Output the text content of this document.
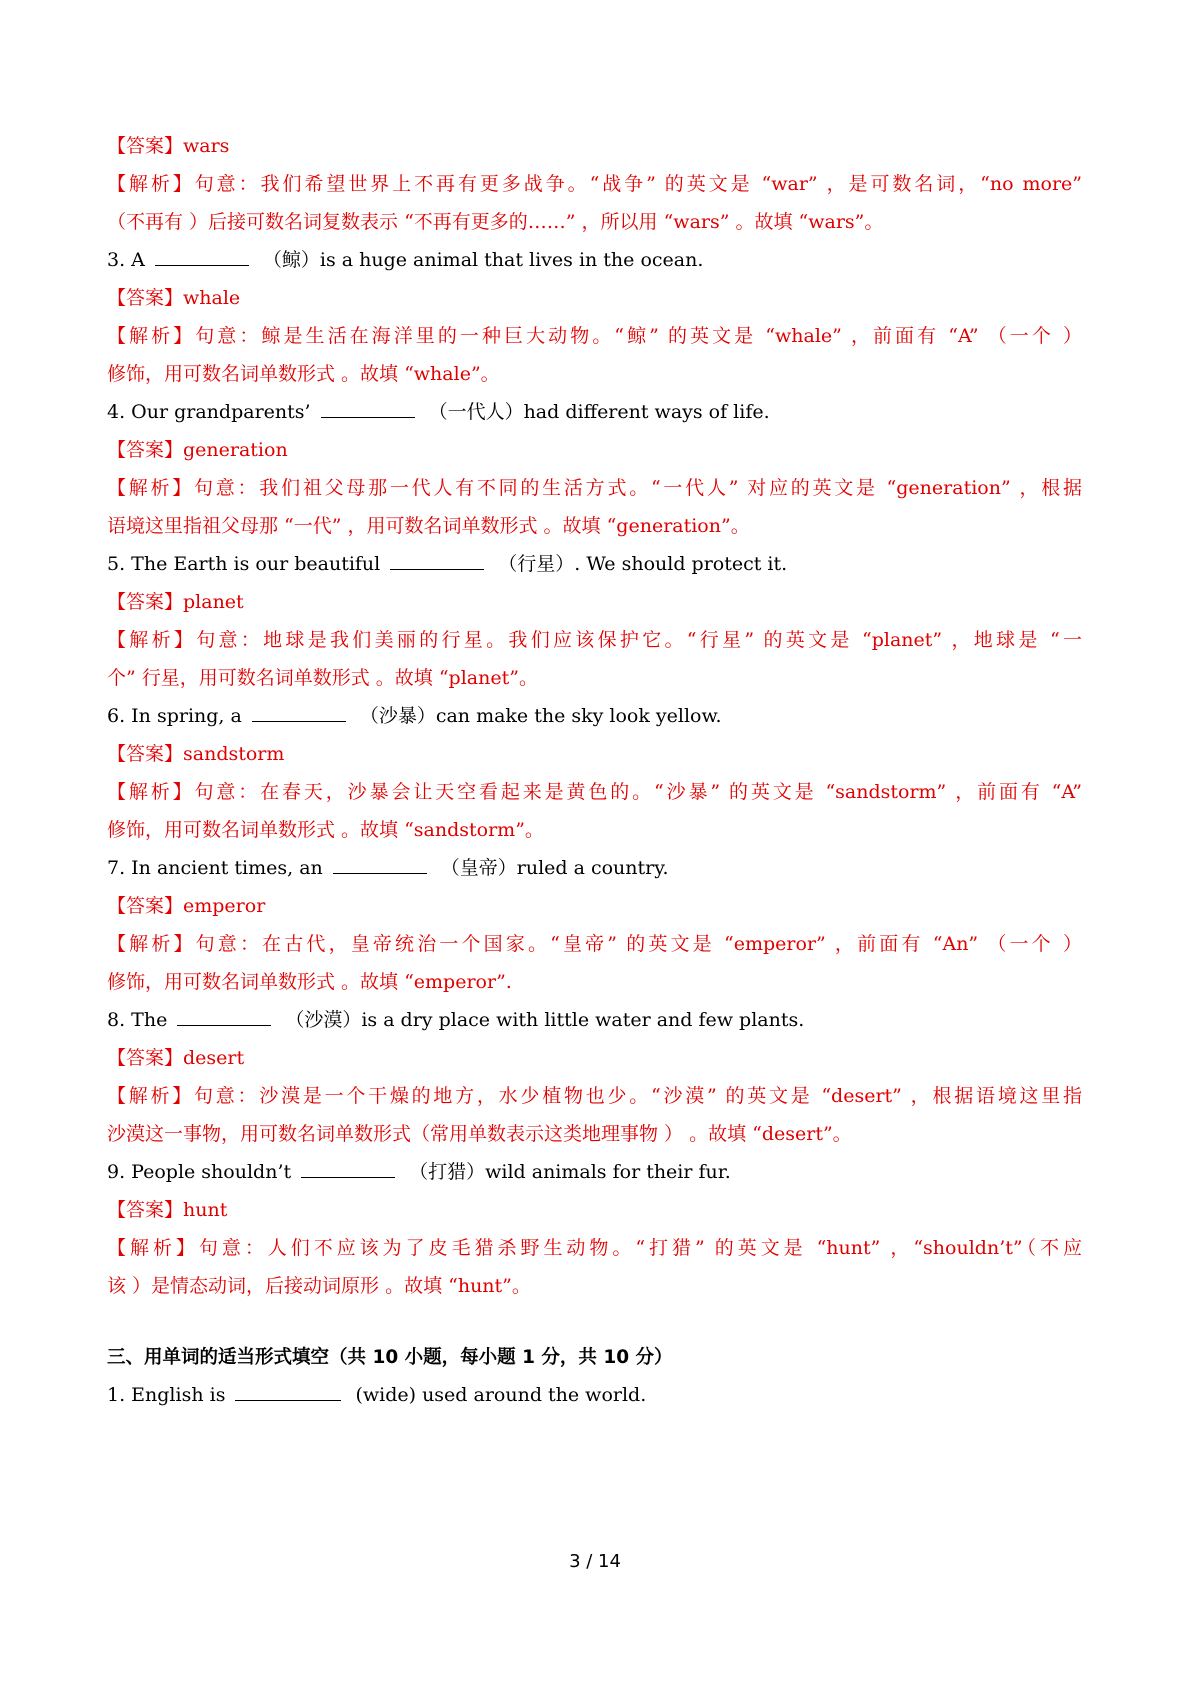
【答案】wars
【解析】句意：我们希望世界上不再有更多战争。“战争” 的英文是 “war” ，是可数名词，“no more”
（不再有 ）后接可数名词复数表示 “不再有更多的……” ，所以用 “wars” 。故填 “wars”。
3. A	（鲸）is a huge animal that lives in the ocean.
【答案】whale
【解析】句意：鲸是生活在海洋里的一种巨大动物。“鲸” 的英文是 “whale” ，前面有 “A” （一个 ）
修饰，用可数名词单数形式 。故填 “whale”。
4. Our grandparents’	（一代人）had different ways of life.
【答案】generation
【解析】句意：我们祖父母那一代人有不同的生活方式。“一代人” 对应的英文是 “generation” ，根据
语境这里指祖父母那 “一代” ，用可数名词单数形式 。故填 “generation”。
5. The Earth is our beautiful	（行星）. We should protect it.
【答案】planet
【解析】句意：地球是我们美丽的行星。我们应该保护它。“行星” 的英文是 “planet” ，地球是 “一
个” 行星，用可数名词单数形式 。故填 “planet”。
6. In spring, a	（沙暴）can make the sky look yellow.
【答案】sandstorm
【解析】句意：在春天，沙暴会让天空看起来是黄色的。“沙暴” 的英文是 “sandstorm” ，前面有 “A”
修饰，用可数名词单数形式 。故填 “sandstorm”。
7. In ancient times, an	（皇帝）ruled a country.
【答案】emperor
【解析】句意：在古代，皇帝统治一个国家。“皇帝” 的英文是 “emperor” ，前面有 “An” （一个 ）
修饰，用可数名词单数形式 。故填 “emperor”.
8. The	（沙漠）is a dry place with little water and few plants.
【答案】desert
【解析】句意：沙漠是一个干燥的地方，水少植物也少。“沙漠” 的英文是 “desert” ，根据语境这里指
沙漠这一事物，用可数名词单数形式（常用单数表示这类地理事物 ） 。故填 “desert”。
9. People shouldn’t	（打猎）wild animals for their fur.
【答案】hunt
【解析】句意：人们不应该为了皮毛猎杀野生动物。“打猎” 的英文是 “hunt” ，“shouldn’t”（不应
该 ）是情态动词，后接动词原形 。故填 “hunt”。
三、用单词的适当形式填空（共 10 小题，每小题 1 分，共 10 分）
1. English is	(wide) used around the world.
3 / 14
